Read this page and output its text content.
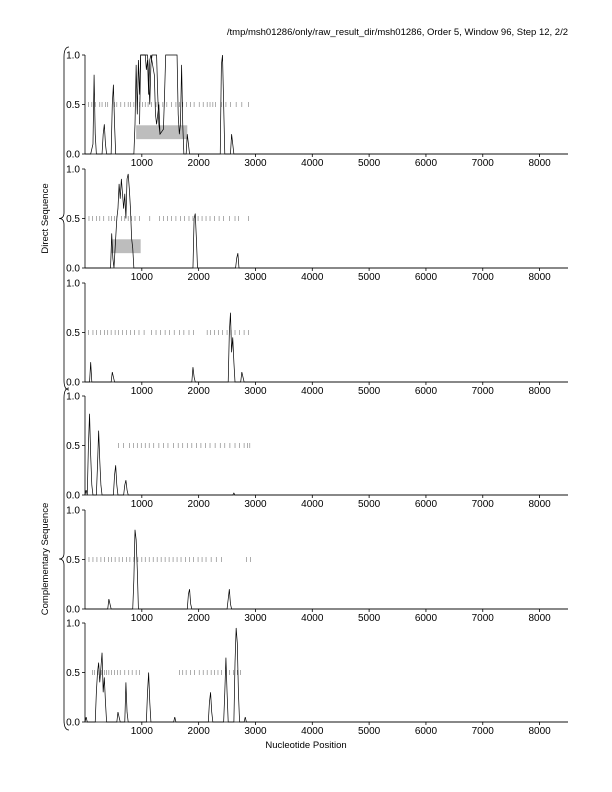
/tmp/msh01286/only/raw_result_dir/msh01286, Order 5, Window 96, Step 12, 2/2
0.0
0.5
1.0
1000	2000	3000	4000	5000	6000	7000	8000
0.0
0.5
1.0
1000	2000	3000	4000	5000	6000	7000	8000
0.0
0.5
1.0
1000	2000	3000	4000	5000	6000	7000	8000
0.0
0.5
1.0
1000	2000	3000	4000	5000	6000	7000	8000
0.0
0.5
1.0
1000	2000	3000	4000	5000	6000	7000	8000
0.0
0.5
1.0
1000	2000	3000	4000	5000	6000	7000	8000
Direct Sequence
Complementary Sequence
Nucleotide Position
